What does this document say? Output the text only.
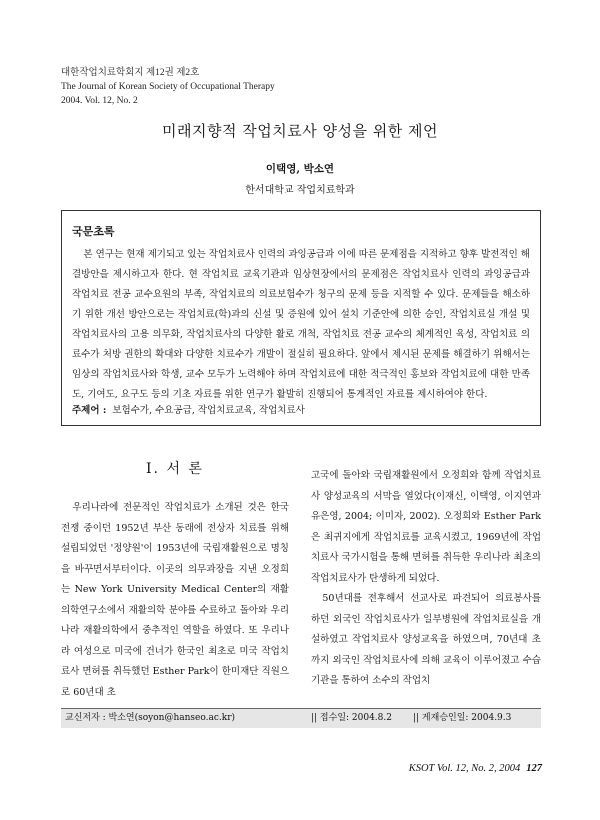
대한작업치료학회지 제12권 제2호
The Journal of Korean Society of Occupational Therapy
2004. Vol. 12, No. 2
미래지향적 작업치료사 양성을 위한 제언
이택영, 박소연
한서대학교 작업치료학과
국문초록
본 연구는 현재 제기되고 있는 작업치료사 인력의 과잉공급과 이에 따른 문제점을 지적하고 향후 발전적인 해결방안을 제시하고자 한다. 현 작업치료 교육기관과 임상현장에서의 문제점은 작업치료사 인력의 과잉공급과 작업치료 전공 교수요원의 부족, 작업치료의 의료보험수가 청구의 문제 등을 지적할 수 있다. 문제들을 해소하기 위한 개선 방안으로는 작업치료(학)과의 신설 및 증원에 있어 설치 기준안에 의한 승인, 작업치료실 개설 및 작업치료사의 고용 의무화, 작업치료사의 다양한 활로 개척, 작업치료 전공 교수의 체계적인 육성, 작업치료 의료수가 처방 권한의 확대와 다양한 치료수가 개발이 절실히 필요하다. 앞에서 제시된 문제를 해결하기 위해서는 임상의 작업치료사와 학생, 교수 모두가 노력해야 하며 작업치료에 대한 적극적인 홍보와 작업치료에 대한 만족도, 기여도, 요구도 등의 기초 자료를 위한 연구가 활발히 진행되어 통계적인 자료를 제시하여야 한다.
주제어 : 보험수가, 수요공급, 작업치료교육, 작업치료사
Ⅰ. 서 론

우리나라에 전문적인 작업치료가 소개된 것은 한국전쟁 중이던 1952년 부산 동래에 전상자 치료를 위해 설립되었던 '정양원'이 1953년에 국립재활원으로 명칭을 바꾸면서부터이다. 이곳의 의무과장을 지낸 오정희는 New York University Medical Center의 재활의학연구소에서 재활의학 분야를 수료하고 돌아와 우리나라 재활의학에서 중추적인 역할을 하였다. 또 우리나라 여성으로 미국에 건너가 한국인 최초로 미국 작업치료사 면허를 취득했던 Esther Park이 한미재단 직원으로 60년대 초

고국에 돌아와 국립재활원에서 오정희와 함께 작업치료사 양성교육의 서막을 열었다(이재신, 이택영, 이지연과 유은영, 2004; 이미자, 2002). 오정희와 Esther Park은 최귀지에게 작업치료를 교육시켰고, 1969년에 작업치료사 국가시험을 통해 면허를 취득한 우리나라 최초의 작업치료사가 탄생하게 되었다.

50년대를 전후해서 선교사로 파견되어 의료봉사를 하던 외국인 작업치료사가 일부병원에 작업치료실을 개설하였고 작업치료사 양성교육을 하였으며, 70년대 초까지 외국인 작업치료사에 의해 교육이 이루어졌고 수습기관을 통하여 소수의 작업치

교신저자 : 박소연(soyon@hanseo.ac.kr)	|| 접수일: 2004.8.2 || 게재승인일: 2004.9.3
KSOT Vol. 12, No. 2, 2004 127
